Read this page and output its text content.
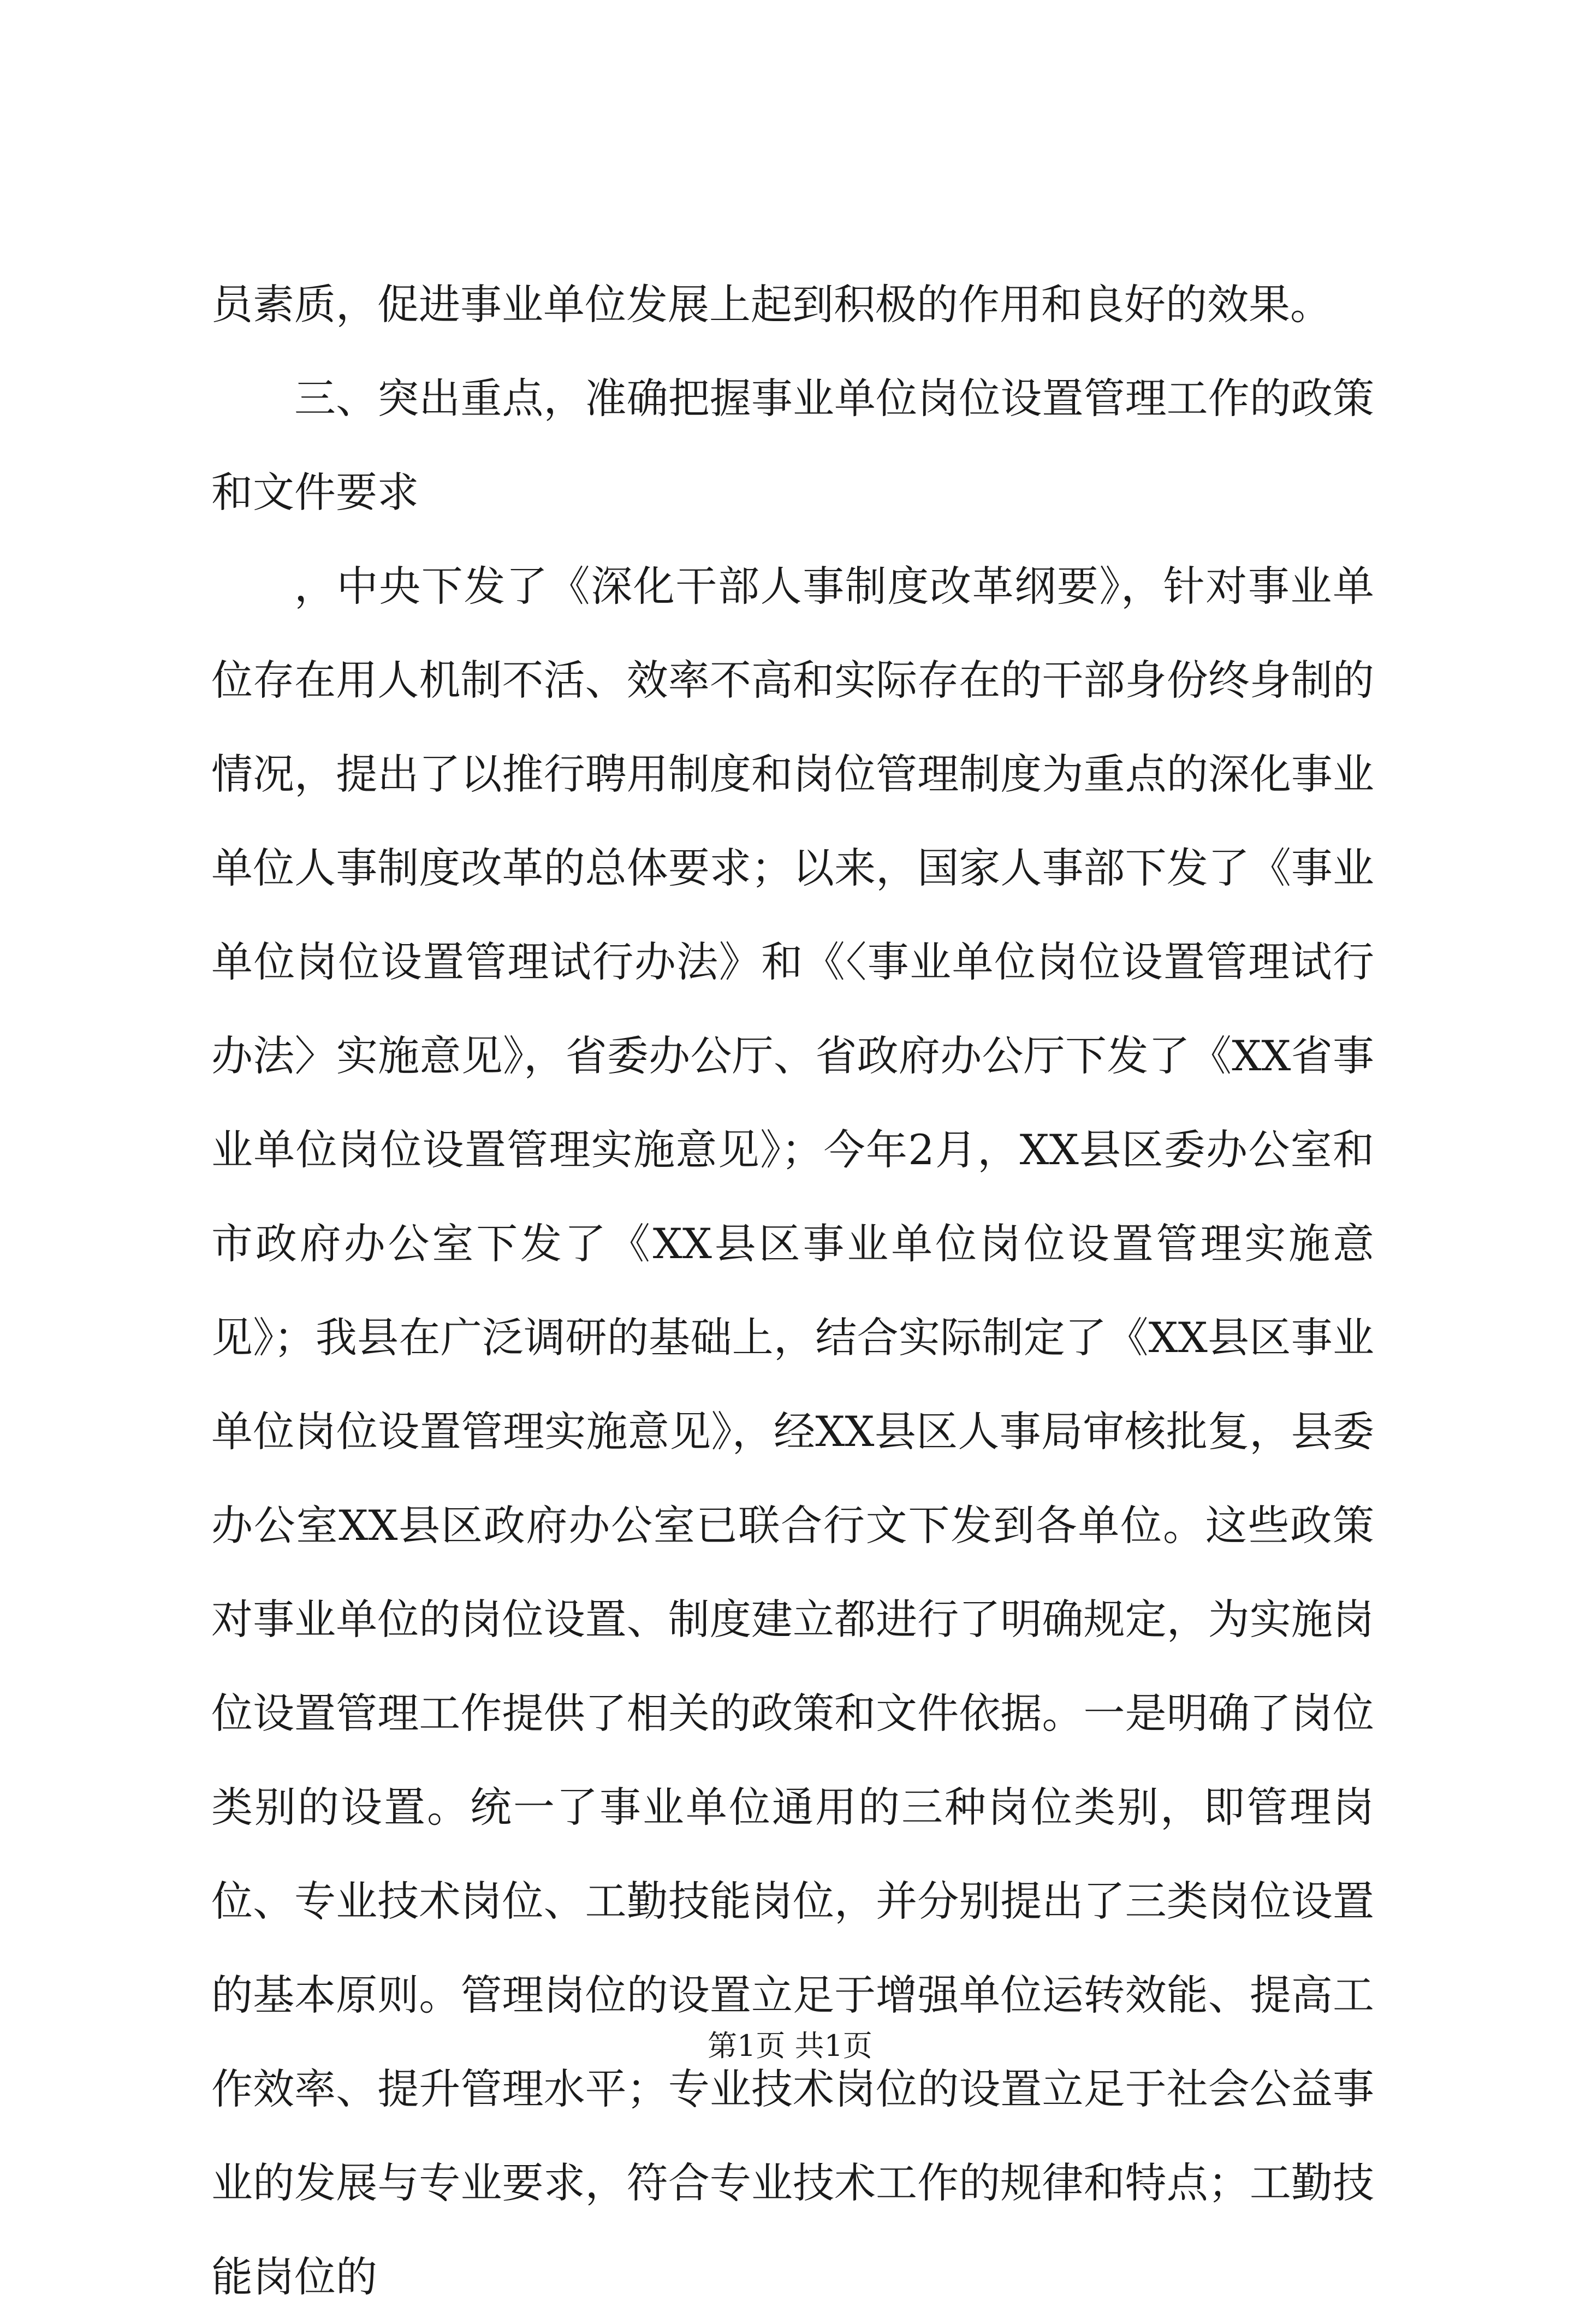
员素质，促进事业单位发展上起到积极的作用和良好的效果。

三、突出重点，准确把握事业单位岗位设置管理工作的政策和文件要求

，中央下发了《深化干部人事制度改革纲要》，针对事业单位存在用人机制不活、效率不高和实际存在的干部身份终身制的情况，提出了以推行聘用制度和岗位管理制度为重点的深化事业单位人事制度改革的总体要求；以来，国家人事部下发了《事业单位岗位设置管理试行办法》和《〈事业单位岗位设置管理试行办法〉实施意见》，省委办公厅、省政府办公厅下发了《XX省事业单位岗位设置管理实施意见》；今年2月，XX县区委办公室和市政府办公室下发了《XX县区事业单位岗位设置管理实施意见》；我县在广泛调研的基础上，结合实际制定了《XX县区事业单位岗位设置管理实施意见》，经XX县区人事局审核批复，县委办公室XX县区政府办公室已联合行文下发到各单位。这些政策对事业单位的岗位设置、制度建立都进行了明确规定，为实施岗位设置管理工作提供了相关的政策和文件依据。一是明确了岗位类别的设置。统一了事业单位通用的三种岗位类别，即管理岗位、专业技术岗位、工勤技能岗位，并分别提出了三类岗位设置的基本原则。管理岗位的设置立足于增强单位运转效能、提高工作效率、提升管理水平；专业技术岗位的设置立足于社会公益事业的发展与专业要求，符合专业技术工作的规律和特点；工勤技能岗位的

第1页 共1页
